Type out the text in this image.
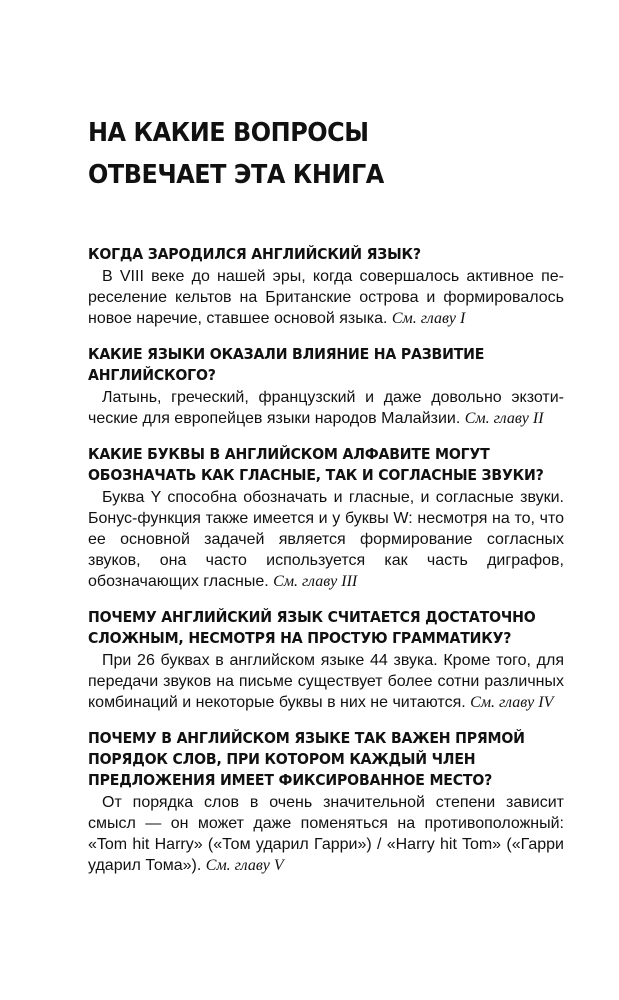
НА КАКИЕ ВОПРОСЫ
ОТВЕЧАЕТ ЭТА КНИГА
КОГДА ЗАРОДИЛСЯ АНГЛИЙСКИЙ ЯЗЫК?

В VIII веке до нашей эры, когда совершалось активное переселение кельтов на Британские острова и формировалось новое наречие, ставшее основой языка. См. главу I

КАКИЕ ЯЗЫКИ ОКАЗАЛИ ВЛИЯНИЕ НА РАЗВИТИЕ АНГЛИЙСКОГО?

Латынь, греческий, французский и даже довольно экзотические для европейцев языки народов Малайзии. См. главу II

КАКИЕ БУКВЫ В АНГЛИЙСКОМ АЛФАВИТЕ МОГУТ ОБОЗНАЧАТЬ КАК ГЛАСНЫЕ, ТАК И СОГЛАСНЫЕ ЗВУКИ?

Буква Y способна обозначать и гласные, и согласные звуки. Бонус-функция также имеется и у буквы W: несмотря на то, что ее основной задачей является формирование согласных звуков, она часто используется как часть диграфов, обозначающих гласные. См. главу III

ПОЧЕМУ АНГЛИЙСКИЙ ЯЗЫК СЧИТАЕТСЯ ДОСТАТОЧНО СЛОЖНЫМ, НЕСМОТРЯ НА ПРОСТУЮ ГРАММАТИКУ?

При 26 буквах в английском языке 44 звука. Кроме того, для передачи звуков на письме существует более сотни различных комбинаций и некоторые буквы в них не читаются. См. главу IV

ПОЧЕМУ В АНГЛИЙСКОМ ЯЗЫКЕ ТАК ВАЖЕН ПРЯМОЙ ПОРЯДОК СЛОВ, ПРИ КОТОРОМ КАЖДЫЙ ЧЛЕН ПРЕДЛОЖЕНИЯ ИМЕЕТ ФИКСИРОВАННОЕ МЕСТО?

От порядка слов в очень значительной степени зависит смысл — он может даже поменяться на противоположный: «Tom hit Harry» («Том ударил Гарри») / «Harry hit Tom» («Гарри ударил Тома»). См. главу V
